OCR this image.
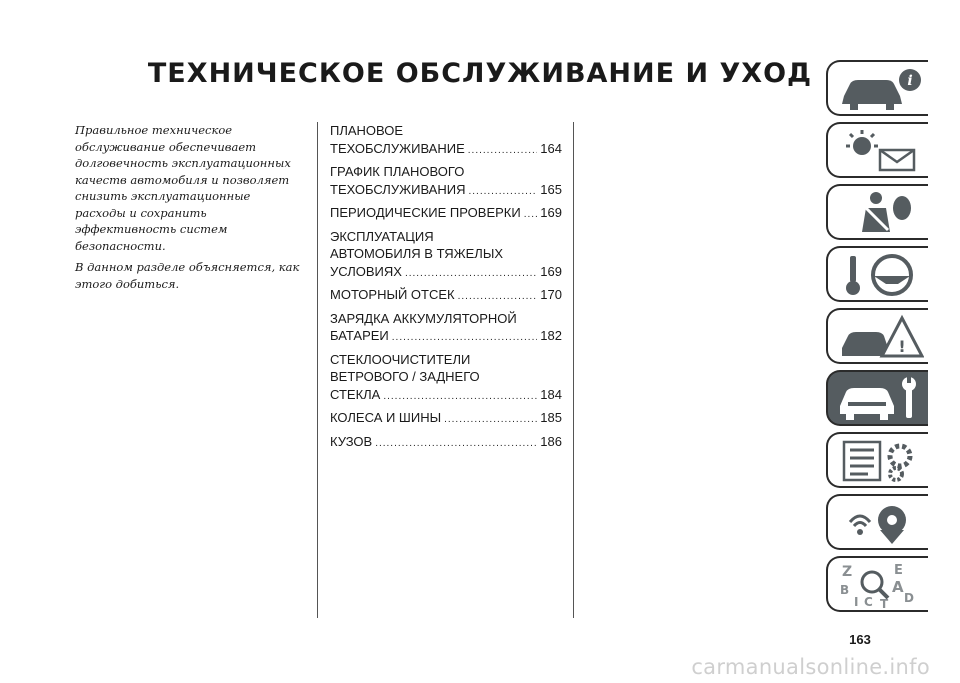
ТЕХНИЧЕСКОЕ ОБСЛУЖИВАНИЕ И УХОД

Правильное техническое обслуживание обеспечивает долговечность эксплуатационных качеств автомобиля и позволяет снизить эксплуатационные расходы и сохранить эффективность систем безопасности.

В данном разделе объясняется, как этого добиться.

ПЛАНОВОЕ
ТЕХОБСЛУЖИВАНИЕ .....	164
ГРАФИК ПЛАНОВОГО
ТЕХОБСЛУЖИВАНИЯ .....	165
ПЕРИОДИЧЕСКИЕ ПРОВЕРКИ ..... 169
ЭКСПЛУАТАЦИЯ
АВТОМОБИЛЯ В ТЯЖЕЛЫХ
УСЛОВИЯХ .....	169
МОТОРНЫЙ ОТСЕК .....	170
ЗАРЯДКА АККУМУЛЯТОРНОЙ
БАТАРЕИ .....	182
СТЕКЛООЧИСТИТЕЛИ
ВЕТРОВОГО / ЗАДНЕГО
СТЕКЛА .....	184
КОЛЕСА И ШИНЫ .....	185
КУЗОВ .....	186
i
!
Z	E
A
B
D
I C T
163
carmanualsonline.info
